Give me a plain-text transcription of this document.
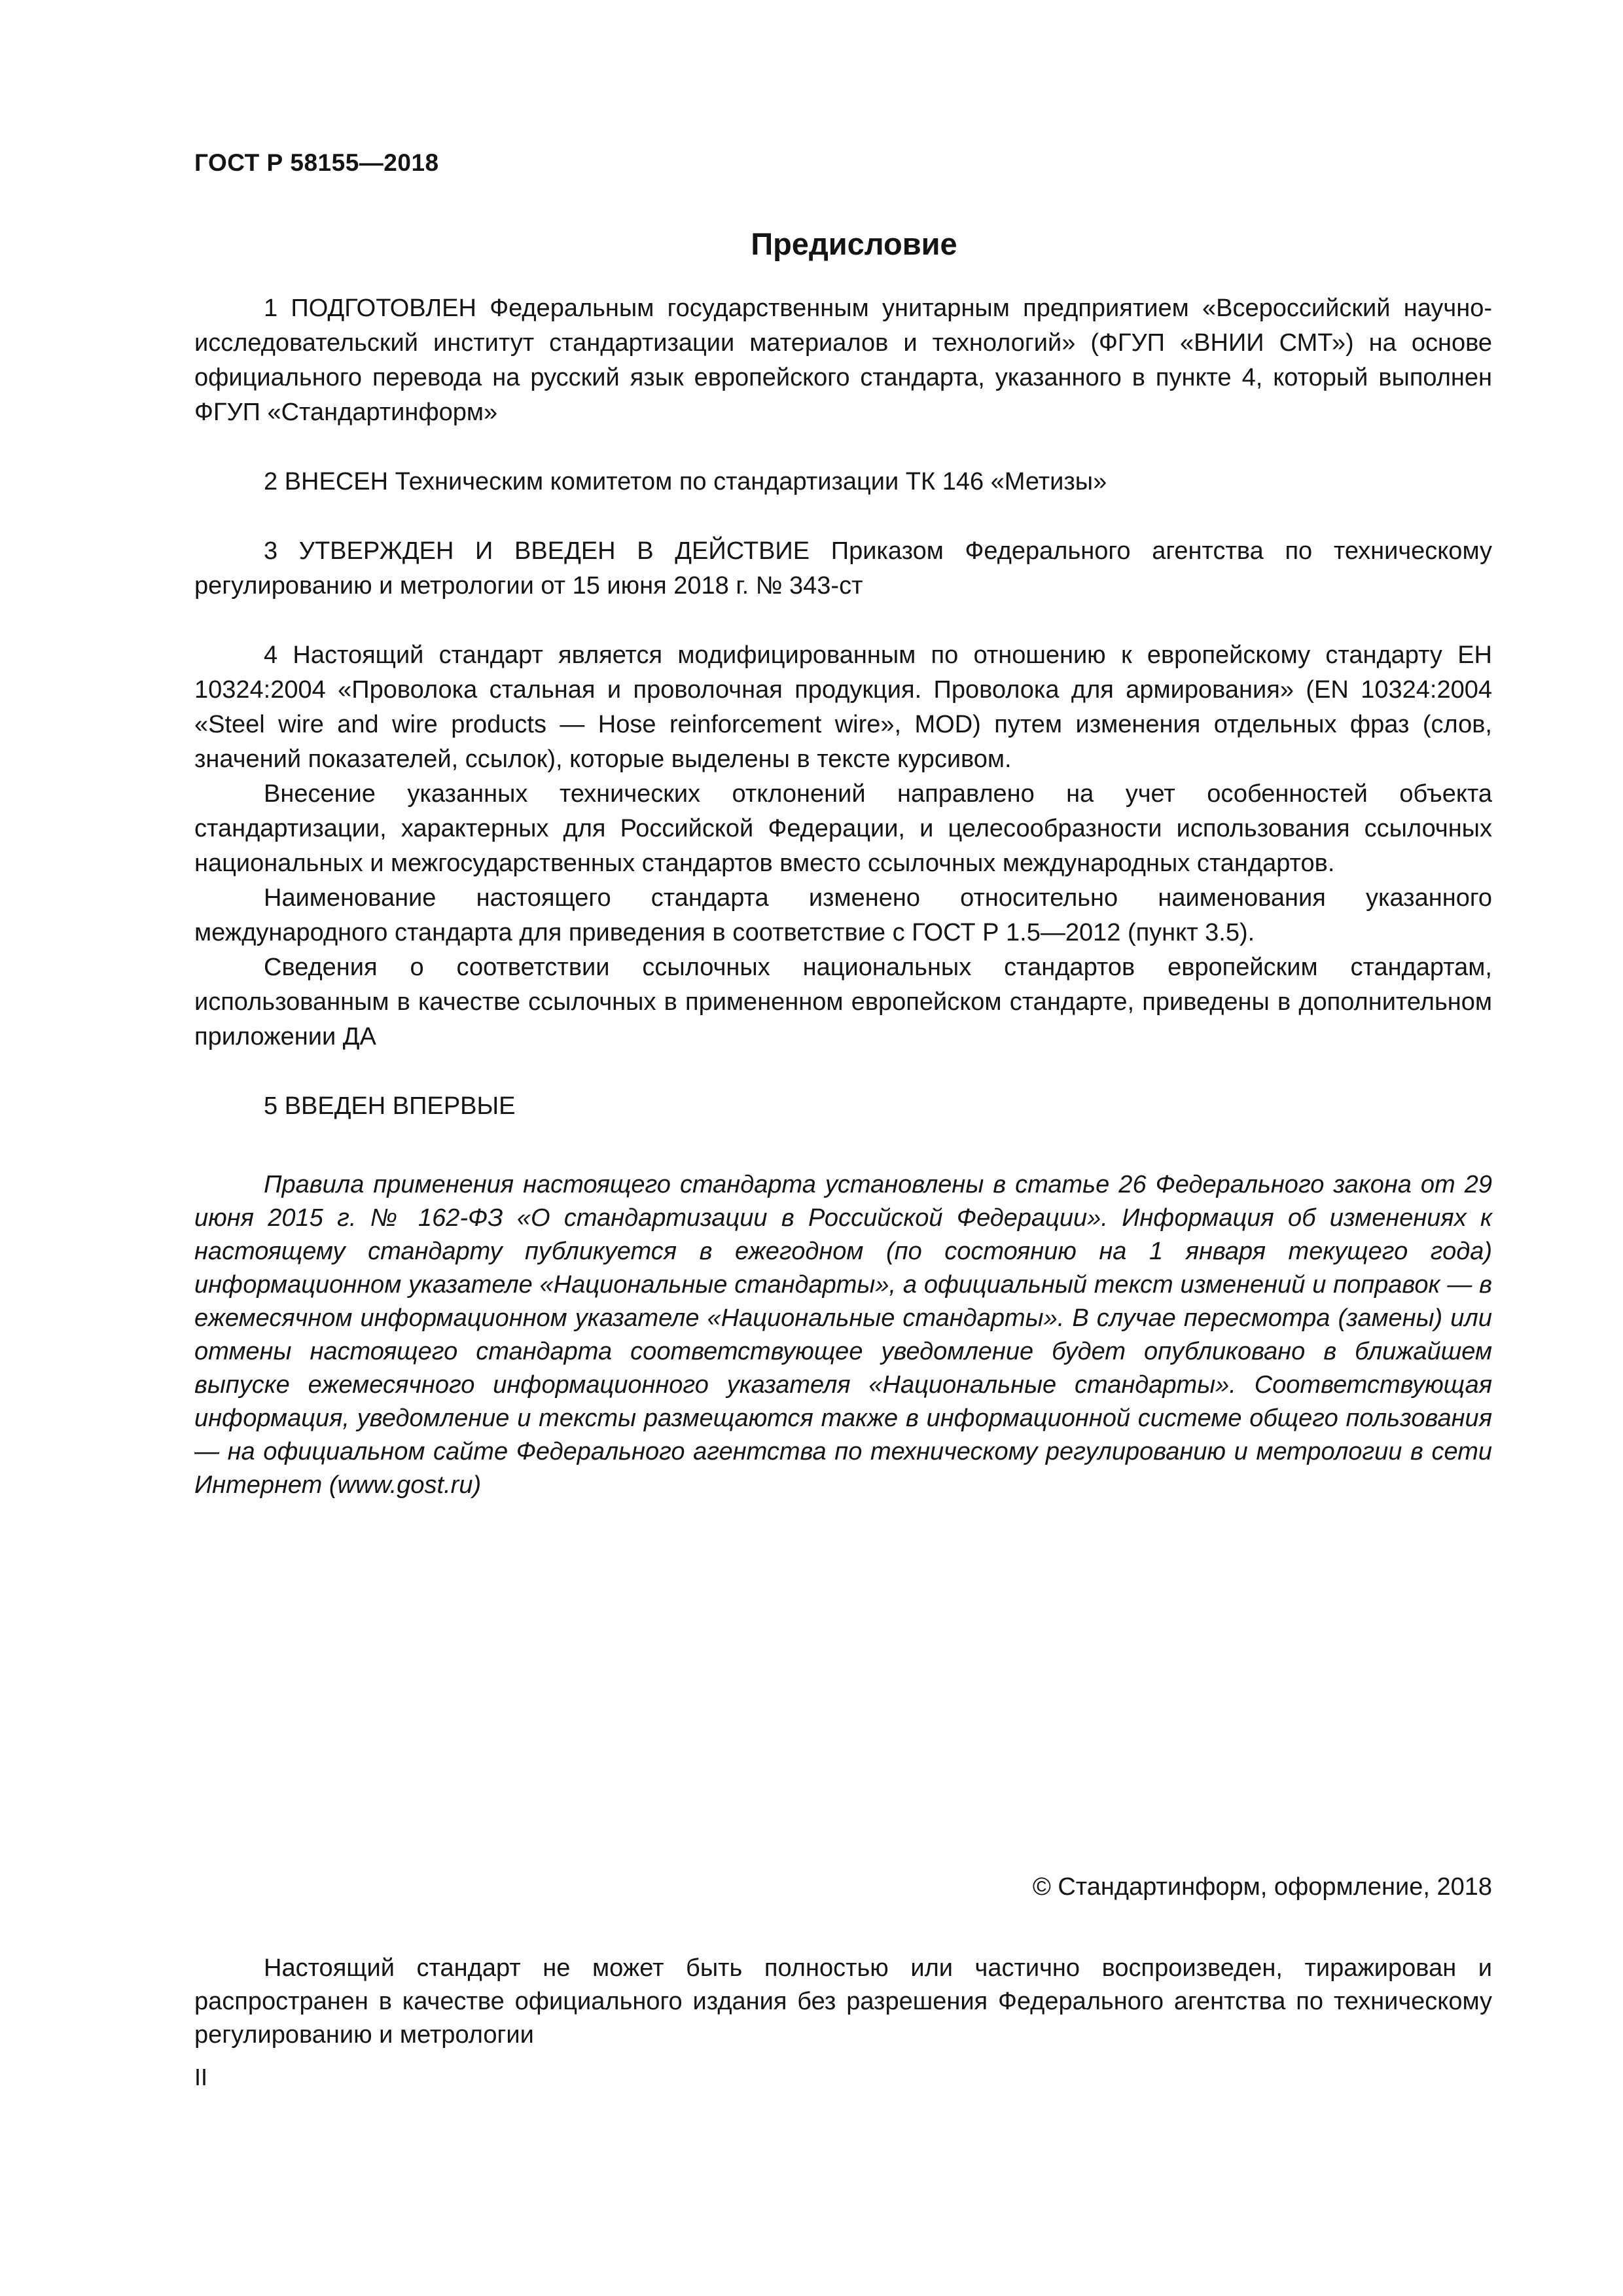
ГОСТ Р 58155—2018
Предисловие

1 ПОДГОТОВЛЕН Федеральным государственным унитарным предприятием «Всероссийский научно-исследовательский институт стандартизации материалов и технологий» (ФГУП «ВНИИ СМТ») на основе официального перевода на русский язык европейского стандарта, указанного в пункте 4, который выполнен ФГУП «Стандартинформ»

2 ВНЕСЕН Техническим комитетом по стандартизации ТК 146 «Метизы»

3 УТВЕРЖДЕН И ВВЕДЕН В ДЕЙСТВИЕ Приказом Федерального агентства по техническому регулированию и метрологии от 15 июня 2018 г. № 343-ст

4 Настоящий стандарт является модифицированным по отношению к европейскому стандарту ЕН 10324:2004 «Проволока стальная и проволочная продукция. Проволока для армирования» (EN 10324:2004 «Steel wire and wire products — Hose reinforcement wire», MOD) путем изменения отдельных фраз (слов, значений показателей, ссылок), которые выделены в тексте курсивом.

Внесение указанных технических отклонений направлено на учет особенностей объекта стандартизации, характерных для Российской Федерации, и целесообразности использования ссылочных национальных и межгосударственных стандартов вместо ссылочных международных стандартов.

Наименование настоящего стандарта изменено относительно наименования указанного международного стандарта для приведения в соответствие с ГОСТ Р 1.5—2012 (пункт 3.5).

Сведения о соответствии ссылочных национальных стандартов европейским стандартам, использованным в качестве ссылочных в примененном европейском стандарте, приведены в дополнительном приложении ДА

5 ВВЕДЕН ВПЕРВЫЕ

Правила применения настоящего стандарта установлены в статье 26 Федерального закона от 29 июня 2015 г. № 162-ФЗ «О стандартизации в Российской Федерации». Информация об изменениях к настоящему стандарту публикуется в ежегодном (по состоянию на 1 января текущего года) информационном указателе «Национальные стандарты», а официальный текст изменений и поправок — в ежемесячном информационном указателе «Национальные стандарты». В случае пересмотра (замены) или отмены настоящего стандарта соответствующее уведомление будет опубликовано в ближайшем выпуске ежемесячного информационного указателя «Национальные стандарты». Соответствующая информация, уведомление и тексты размещаются также в информационной системе общего пользования — на официальном сайте Федерального агентства по техническому регулированию и метрологии в сети Интернет (www.gost.ru)

© Стандартинформ, оформление, 2018

Настоящий стандарт не может быть полностью или частично воспроизведен, тиражирован и распространен в качестве официального издания без разрешения Федерального агентства по техническому регулированию и метрологии

II
